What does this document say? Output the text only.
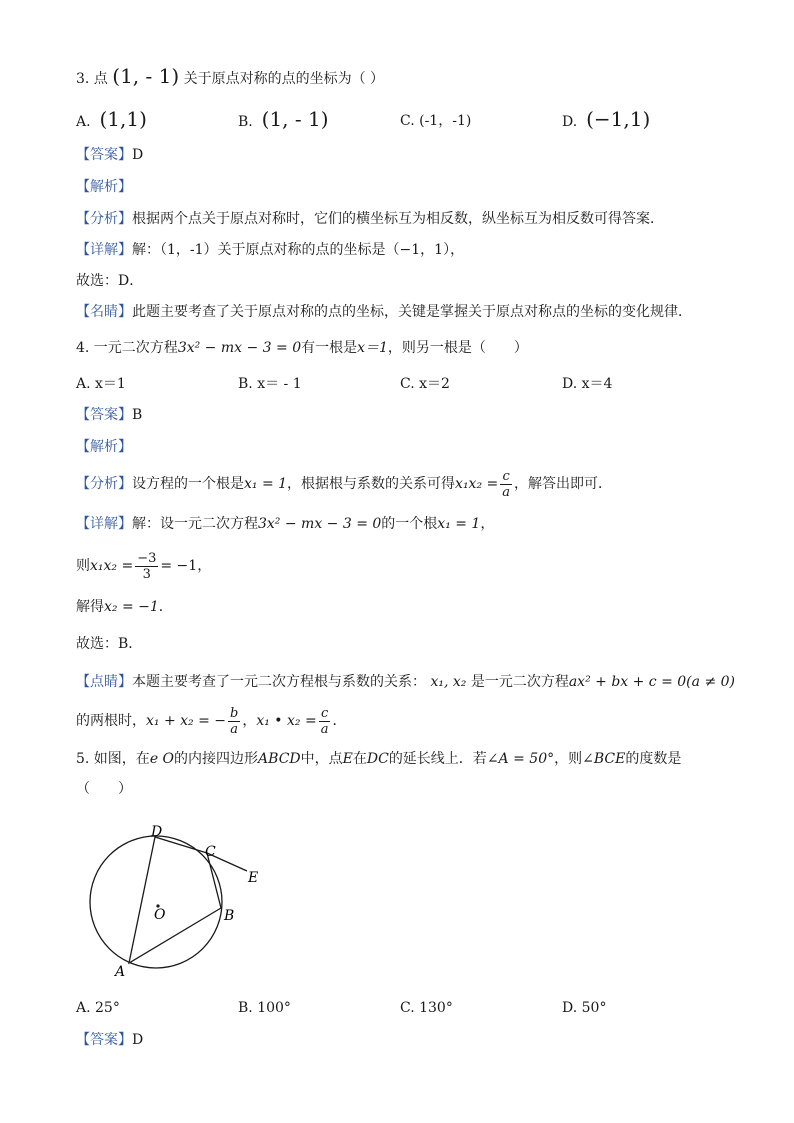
3. 点 (1, - 1) 关于原点对称的点的坐标为（ ）
A. (1,1)	B. (1, - 1)	C. (-1，-1)	D. (−1,1)
【答案】D
【解析】
【分析】根据两个点关于原点对称时，它们的横坐标互为相反数，纵坐标互为相反数可得答案．
【详解】解：（1，-1）关于原点对称的点的坐标是（−1，1），
故选：D．
【名睛】此题主要考查了关于原点对称的点的坐标，关键是掌握关于原点对称点的坐标的变化规律．
4. 一元二次方程3x² − mx − 3 = 0有一根是x＝1，则另一根是（　　）
A. x＝1	B. x＝ - 1	C. x＝2	D. x＝4
【答案】B
【解析】
【分析】设方程的一个根是x₁ = 1，根据根与系数的关系可得$x_1x_2 = \frac{c}{a}$ ，解答出即可．
【详解】解：设一元二次方程3x² − mx − 3 = 0的一个根x₁ = 1，
则$x_1x_2 = \frac{-3}{3} = -1$，
解得x₂ = −1．
故选：B．
【点睛】本题主要考查了一元二次方程根与系数的关系： x₁, x₂ 是一元二次方程ax² + bx + c = 0(a ≠ 0)
的两根时，x₁ + x₂ = − $\frac{b}{a}$ ，x₁ • $x_2 = \frac{c}{a}$ ．
5. 如图，在e O的内接四边形ABCD中，点E在DC的延长线上．若∠A = 50°，则∠BCE的度数是
（　　）
D
C
E
O	B
A
A. 25°	B. 100°	C. 130°	D. 50°
【答案】D
